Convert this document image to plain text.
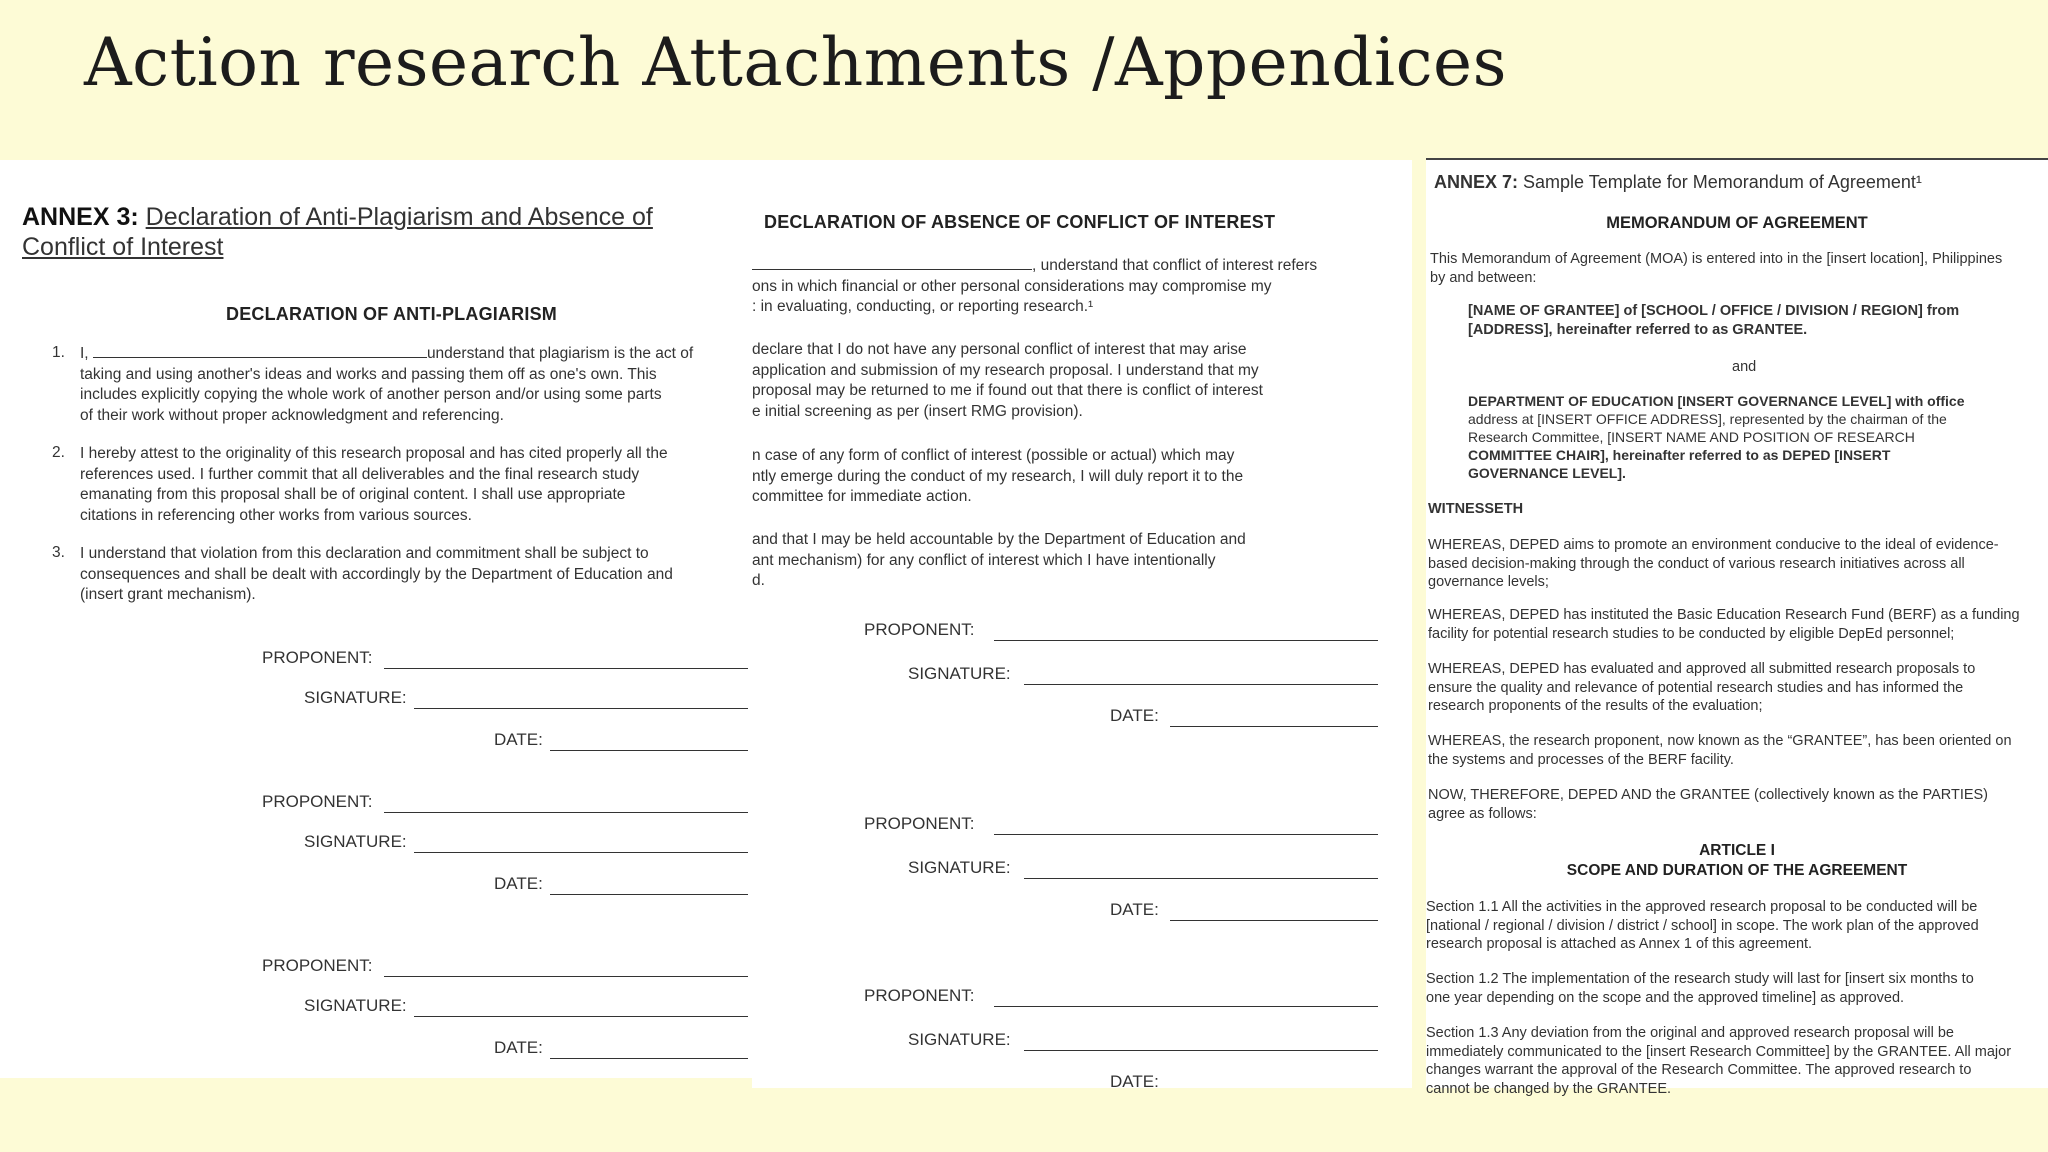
Action research Attachments /Appendices
ANNEX 3: Declaration of Anti-Plagiarism and Absence of
Conflict of Interest
DECLARATION OF ANTI-PLAGIARISM
1. I,	understand that plagiarism is the act of
taking and using another's ideas and works and passing them off as one's own. This
includes explicitly copying the whole work of another person and/or using some parts
of their work without proper acknowledgment and referencing.
2. I hereby attest to the originality of this research proposal and has cited properly all the
references used. I further commit that all deliverables and the final research study
emanating from this proposal shall be of original content. I shall use appropriate
citations in referencing other works from various sources.
3. I understand that violation from this declaration and commitment shall be subject to
consequences and shall be dealt with accordingly by the Department of Education and
(insert grant mechanism).
PROPONENT:
SIGNATURE:
DATE:
PROPONENT:
SIGNATURE:
DATE:
PROPONENT:
SIGNATURE:
DATE:
DECLARATION OF ABSENCE OF CONFLICT OF INTEREST
, understand that conflict of interest refers
ons in which financial or other personal considerations may compromise my
: in evaluating, conducting, or reporting research.¹
declare that I do not have any personal conflict of interest that may arise
application and submission of my research proposal. I understand that my
proposal may be returned to me if found out that there is conflict of interest
e initial screening as per (insert RMG provision).
n case of any form of conflict of interest (possible or actual) which may
ntly emerge during the conduct of my research, I will duly report it to the
committee for immediate action.
and that I may be held accountable by the Department of Education and
ant mechanism) for any conflict of interest which I have intentionally
d.
PROPONENT:
SIGNATURE:
DATE:
PROPONENT:
SIGNATURE:
DATE:
PROPONENT:
SIGNATURE:
DATE:
ANNEX 7: Sample Template for Memorandum of Agreement¹
MEMORANDUM OF AGREEMENT
This Memorandum of Agreement (MOA) is entered into in the [insert location], Philippines
by and between:
[NAME OF GRANTEE] of [SCHOOL / OFFICE / DIVISION / REGION] from
[ADDRESS], hereinafter referred to as GRANTEE.
and
DEPARTMENT OF EDUCATION [INSERT GOVERNANCE LEVEL] with office
address at [INSERT OFFICE ADDRESS], represented by the chairman of the
Research Committee, [INSERT NAME AND POSITION OF RESEARCH
COMMITTEE CHAIR], hereinafter referred to as DEPED [INSERT
GOVERNANCE LEVEL].
WITNESSETH
WHEREAS, DEPED aims to promote an environment conducive to the ideal of evidence-
based decision-making through the conduct of various research initiatives across all
governance levels;
WHEREAS, DEPED has instituted the Basic Education Research Fund (BERF) as a funding
facility for potential research studies to be conducted by eligible DepEd personnel;
WHEREAS, DEPED has evaluated and approved all submitted research proposals to
ensure the quality and relevance of potential research studies and has informed the
research proponents of the results of the evaluation;
WHEREAS, the research proponent, now known as the “GRANTEE”, has been oriented on
the systems and processes of the BERF facility.
NOW, THEREFORE, DEPED AND the GRANTEE (collectively known as the PARTIES)
agree as follows:
ARTICLE I
SCOPE AND DURATION OF THE AGREEMENT
Section 1.1 All the activities in the approved research proposal to be conducted will be
[national / regional / division / district / school] in scope. The work plan of the approved
research proposal is attached as Annex 1 of this agreement.
Section 1.2 The implementation of the research study will last for [insert six months to
one year depending on the scope and the approved timeline] as approved.
Section 1.3 Any deviation from the original and approved research proposal will be
immediately communicated to the [insert Research Committee] by the GRANTEE. All major
changes warrant the approval of the Research Committee. The approved research to
cannot be changed by the GRANTEE.
